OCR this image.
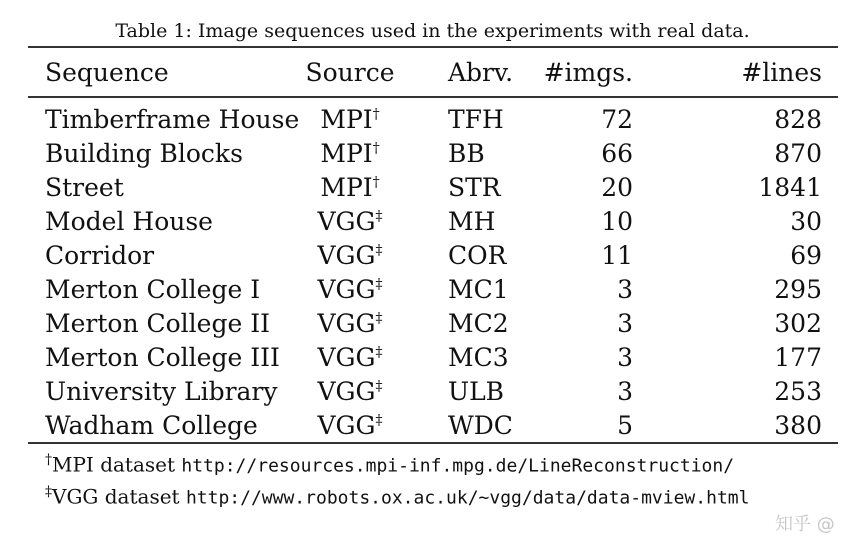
Table 1: Image sequences used in the experiments with real data.
Sequence	Source	Abrv.	#imgs.	#lines
Timberframe House	MPI†	TFH	72	828
Building Blocks	MPI†	BB	66	870
Street	MPI†	STR	20	1841
Model House	VGG‡	MH	10	30
Corridor	VGG‡	COR	11	69
Merton College I	VGG‡	MC1	3	295
Merton College II	VGG‡	MC2	3	302
Merton College III	VGG‡	MC3	3	177
University Library	VGG‡	ULB	3	253
Wadham College	VGG‡	WDC	5	380
†MPI dataset http://resources.mpi-inf.mpg.de/LineReconstruction/
‡VGG dataset http://www.robots.ox.ac.uk/~vgg/data/data-mview.html
知乎 @
